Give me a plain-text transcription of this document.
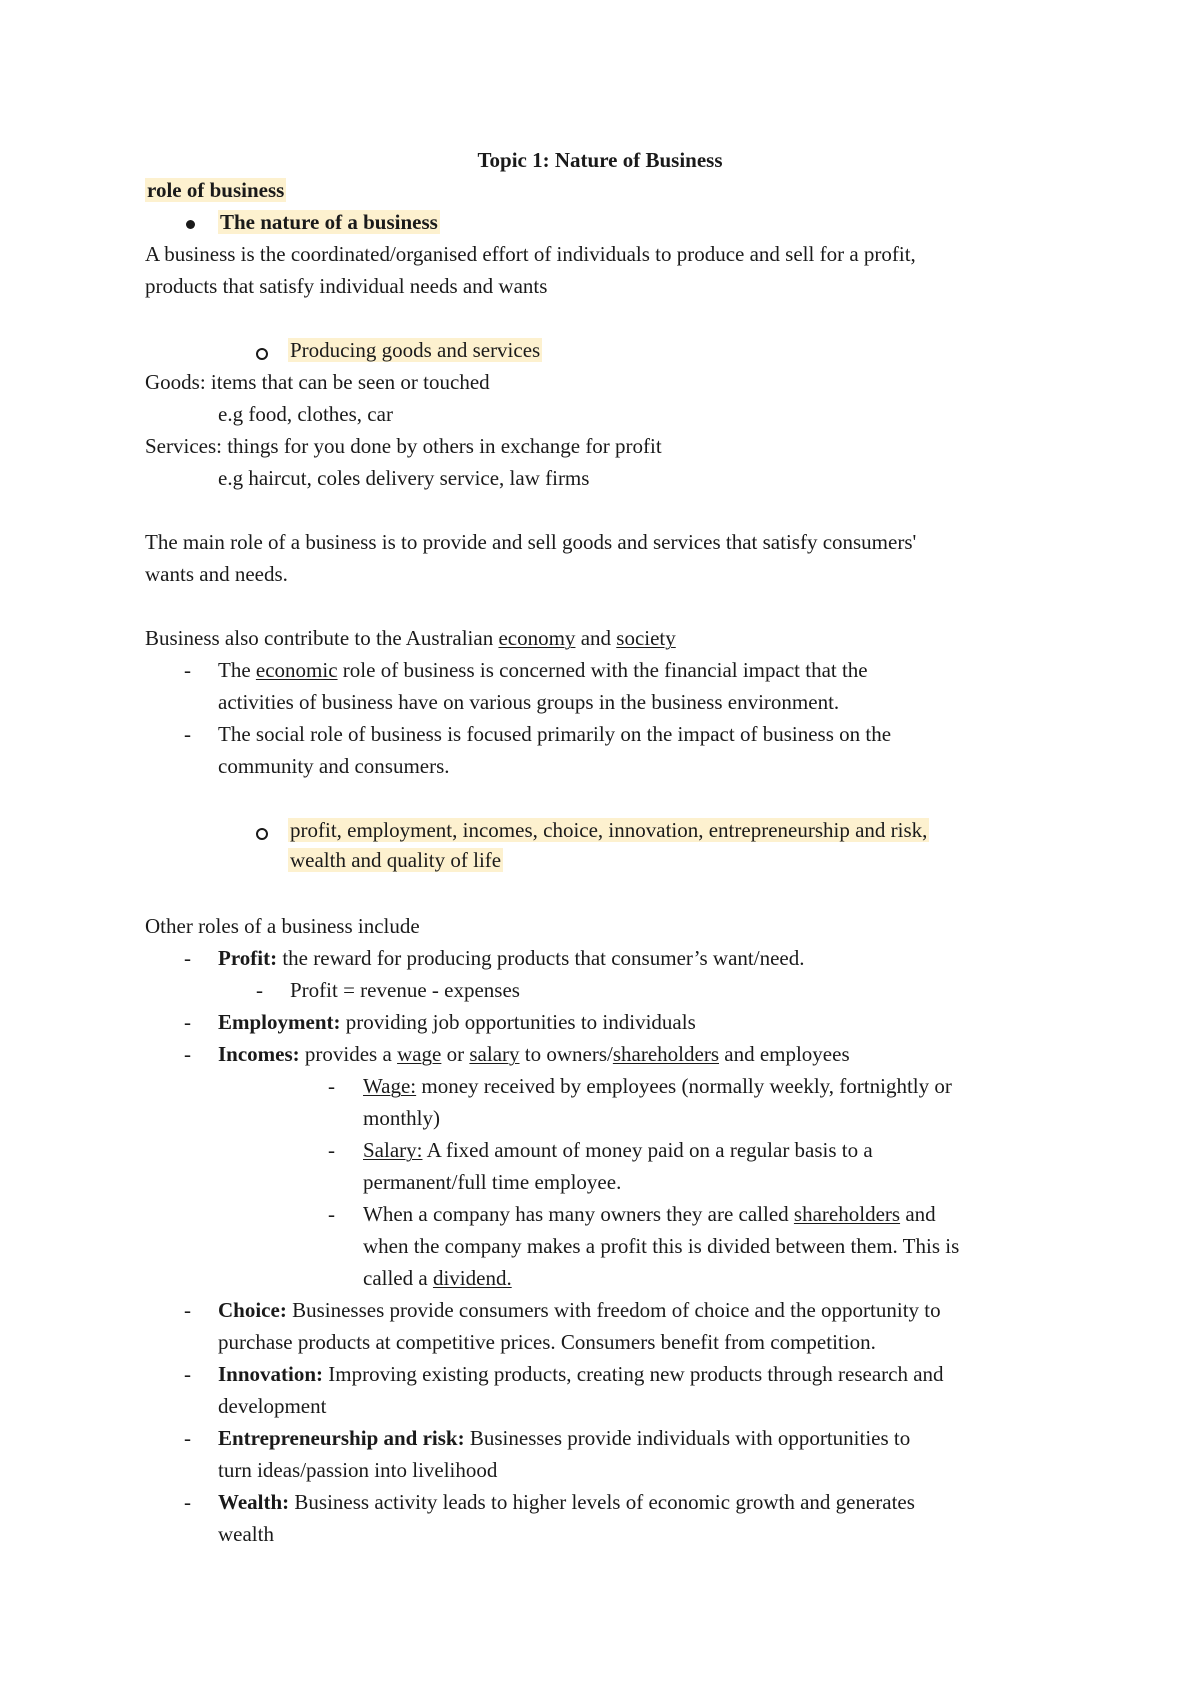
Topic 1: Nature of Business
role of business
The nature of a business
A business is the coordinated/organised effort of individuals to produce and sell for a profit,
products that satisfy individual needs and wants
Producing goods and services
Goods: items that can be seen or touched
e.g food, clothes, car
Services: things for you done by others in exchange for profit
e.g haircut, coles delivery service, law firms
The main role of a business is to provide and sell goods and services that satisfy consumers'
wants and needs.
Business also contribute to the Australian economy and society
- The economic role of business is concerned with the financial impact that the
activities of business have on various groups in the business environment.
- The social role of business is focused primarily on the impact of business on the
community and consumers.
profit, employment, incomes, choice, innovation, entrepreneurship and risk,
wealth and quality of life
Other roles of a business include
- Profit: the reward for producing products that consumer’s want/need.
- Profit = revenue - expenses
- Employment: providing job opportunities to individuals
- Incomes: provides a wage or salary to owners/shareholders and employees
- Wage: money received by employees (normally weekly, fortnightly or
monthly)
- Salary: A fixed amount of money paid on a regular basis to a
permanent/full time employee.
- When a company has many owners they are called shareholders and
when the company makes a profit this is divided between them. This is
called a dividend.
- Choice: Businesses provide consumers with freedom of choice and the opportunity to
purchase products at competitive prices. Consumers benefit from competition.
- Innovation: Improving existing products, creating new products through research and
development
- Entrepreneurship and risk: Businesses provide individuals with opportunities to
turn ideas/passion into livelihood
- Wealth: Business activity leads to higher levels of economic growth and generates
wealth
